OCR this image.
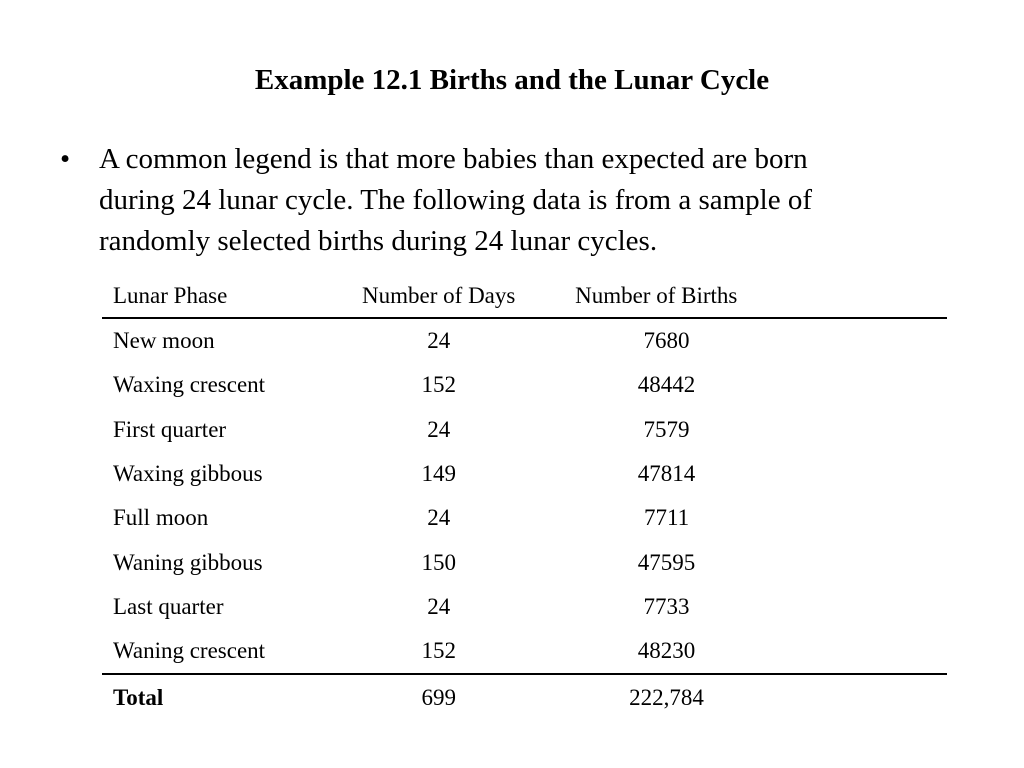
Example 12.1 Births and the Lunar Cycle
• A common legend is that more babies than expected are born
during 24 lunar cycle. The following data is from a sample of
randomly selected births during 24 lunar cycles.
Lunar Phase	Number of Days	Number of Births	
New moon	24	7680	
Waxing crescent	152	48442	
First quarter	24	7579	
Waxing gibbous	149	47814	
Full moon	24	7711	
Waning gibbous	150	47595	
Last quarter	24	7733	
Waning crescent	152	48230	
Total	699	222,784	
